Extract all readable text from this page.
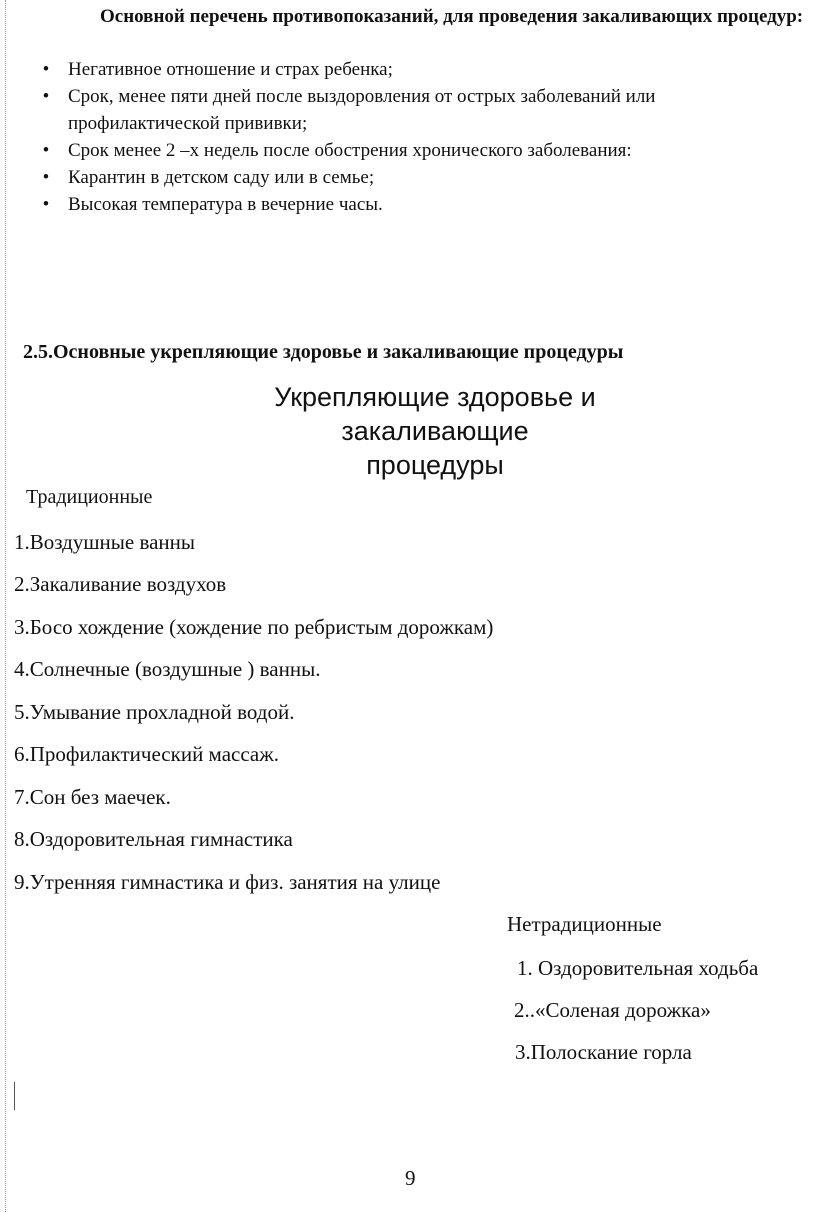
Основной перечень противопоказаний, для проведения закаливающих процедур:
• Негативное отношение и страх ребенка;
• Срок, менее пяти дней после выздоровления от острых заболеваний или профилактической прививки;
• Срок менее 2 –х недель после обострения хронического заболевания:
• Карантин в детском саду или в семье;
• Высокая температура в вечерние часы.
2.5.Основные укрепляющие здоровье и закаливающие процедуры
Укрепляющие здоровье и
закаливающие
процедуры
Традиционные
1.Воздушные ванны
2.Закаливание воздухов
3.Босо хождение (хождение по ребристым дорожкам)
4.Солнечные (воздушные ) ванны.
5.Умывание прохладной водой.
6.Профилактический массаж.
7.Сон без маечек.
8.Оздоровительная гимнастика
9.Утренняя гимнастика и физ. занятия на улице
Нетрадиционные
1. Оздоровительная ходьба
2..«Соленая дорожка»
3.Полоскание горла
9
